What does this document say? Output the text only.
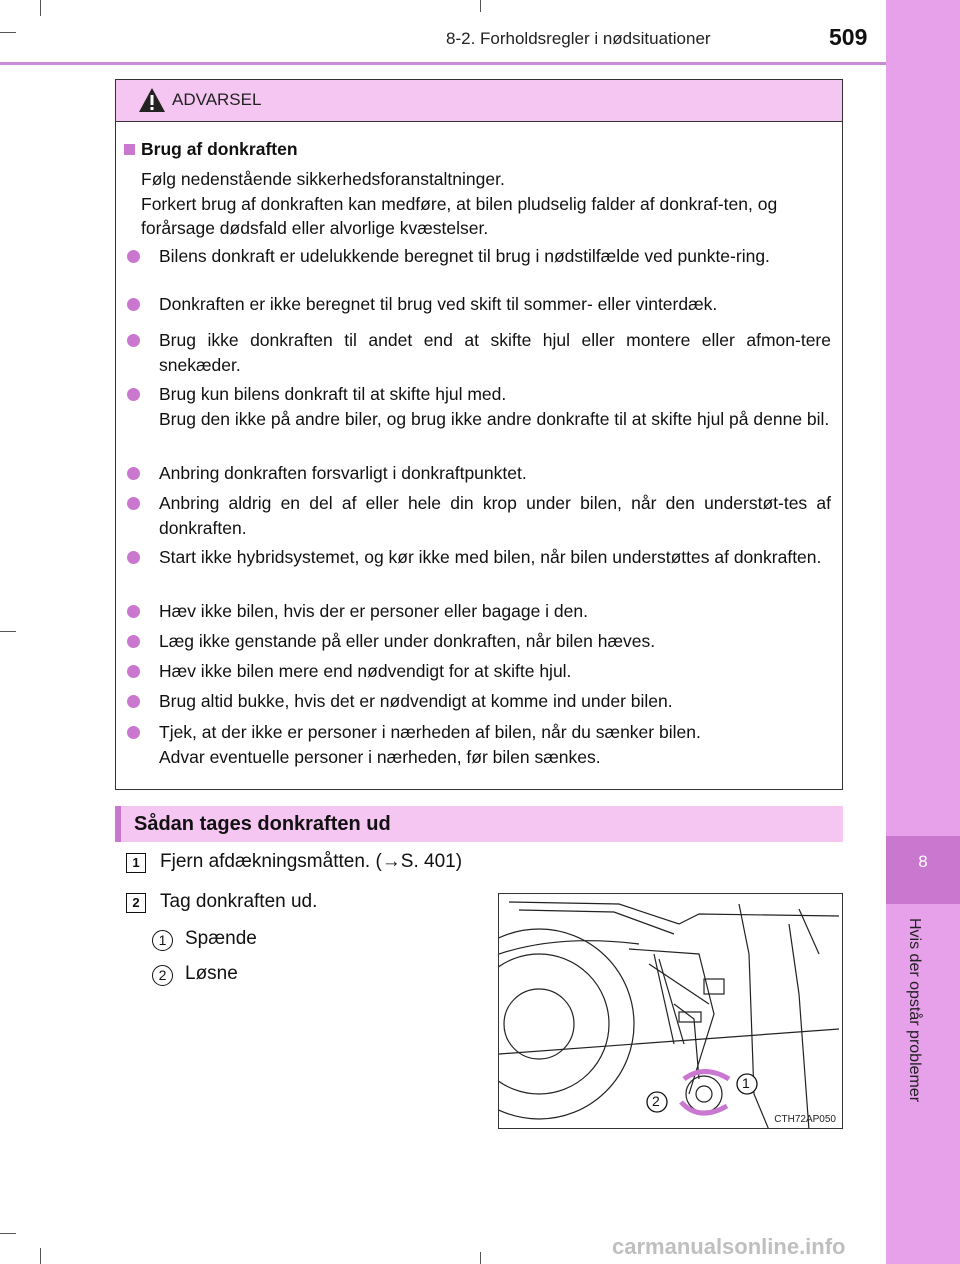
8-2. Forholdsregler i nødsituationer	509
8
Hvis der opstår problemer
ADVARSEL
Brug af donkraften
Følg nedenstående sikkerhedsforanstaltninger.
Forkert brug af donkraften kan medføre, at bilen pludselig falder af donkraf-ten, og forårsage dødsfald eller alvorlige kvæstelser.
Bilens donkraft er udelukkende beregnet til brug i nødstilfælde ved punkte-ring.
Donkraften er ikke beregnet til brug ved skift til sommer- eller vinterdæk.
Brug ikke donkraften til andet end at skifte hjul eller montere eller afmon-tere snekæder.
Brug kun bilens donkraft til at skifte hjul med.
Brug den ikke på andre biler, og brug ikke andre donkrafte til at skifte hjul på denne bil.
Anbring donkraften forsvarligt i donkraftpunktet.
Anbring aldrig en del af eller hele din krop under bilen, når den understøt-tes af donkraften.
Start ikke hybridsystemet, og kør ikke med bilen, når bilen understøttes af donkraften.
Hæv ikke bilen, hvis der er personer eller bagage i den.
Læg ikke genstande på eller under donkraften, når bilen hæves.
Hæv ikke bilen mere end nødvendigt for at skifte hjul.
Brug altid bukke, hvis det er nødvendigt at komme ind under bilen.
Tjek, at der ikke er personer i nærheden af bilen, når du sænker bilen.
Advar eventuelle personer i nærheden, før bilen sænkes.
Sådan tages donkraften ud
1	Fjern afdækningsmåtten. (→S. 401)
2	Tag donkraften ud.
1 Spænde
2 Løsne
1
2
CTH72AP050
carmanualsonline.info
